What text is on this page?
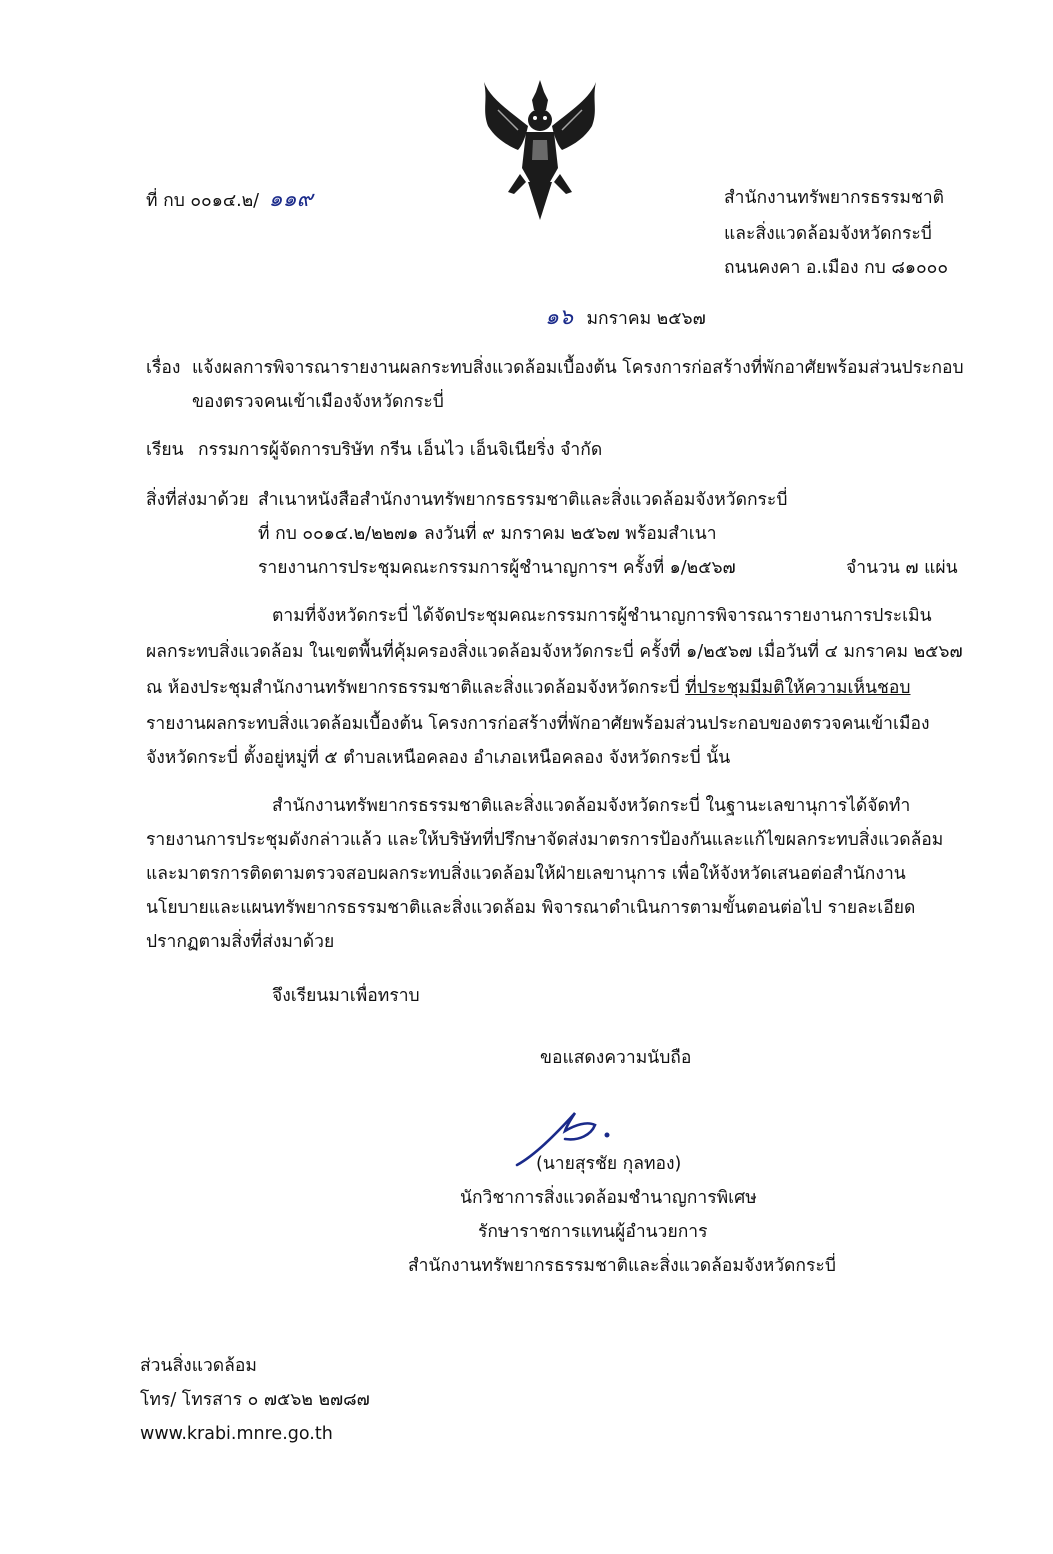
ที่ กบ ๐๐๑๔.๒/ ๑๑๙	สำนักงานทรัพยากรธรรมชาติ
และสิ่งแวดล้อมจังหวัดกระบี่
ถนนคงคา อ.เมือง กบ ๘๑๐๐๐
๑๖ มกราคม ๒๕๖๗
เรื่อง แจ้งผลการพิจารณารายงานผลกระทบสิ่งแวดล้อมเบื้องต้น โครงการก่อสร้างที่พักอาศัยพร้อมส่วนประกอบ
ของตรวจคนเข้าเมืองจังหวัดกระบี่
เรียน กรรมการผู้จัดการบริษัท กรีน เอ็นไว เอ็นจิเนียริ่ง จำกัด
สิ่งที่ส่งมาด้วย สำเนาหนังสือสำนักงานทรัพยากรธรรมชาติและสิ่งแวดล้อมจังหวัดกระบี่
ที่ กบ ๐๐๑๔.๒/๒๒๗๑ ลงวันที่ ๙ มกราคม ๒๕๖๗ พร้อมสำเนา
รายงานการประชุมคณะกรรมการผู้ชำนาญการฯ ครั้งที่ ๑/๒๕๖๗	จำนวน ๗ แผ่น
ตามที่จังหวัดกระบี่ ได้จัดประชุมคณะกรรมการผู้ชำนาญการพิจารณารายงานการประเมิน
ผลกระทบสิ่งแวดล้อม ในเขตพื้นที่คุ้มครองสิ่งแวดล้อมจังหวัดกระบี่ ครั้งที่ ๑/๒๕๖๗ เมื่อวันที่ ๔ มกราคม ๒๕๖๗
ณ ห้องประชุมสำนักงานทรัพยากรธรรมชาติและสิ่งแวดล้อมจังหวัดกระบี่ ที่ประชุมมีมติให้ความเห็นชอบ
รายงานผลกระทบสิ่งแวดล้อมเบื้องต้น โครงการก่อสร้างที่พักอาศัยพร้อมส่วนประกอบของตรวจคนเข้าเมือง
จังหวัดกระบี่ ตั้งอยู่หมู่ที่ ๕ ตำบลเหนือคลอง อำเภอเหนือคลอง จังหวัดกระบี่ นั้น
สำนักงานทรัพยากรธรรมชาติและสิ่งแวดล้อมจังหวัดกระบี่ ในฐานะเลขานุการได้จัดทำ
รายงานการประชุมดังกล่าวแล้ว และให้บริษัทที่ปรึกษาจัดส่งมาตรการป้องกันและแก้ไขผลกระทบสิ่งแวดล้อม
และมาตรการติดตามตรวจสอบผลกระทบสิ่งแวดล้อมให้ฝ่ายเลขานุการ เพื่อให้จังหวัดเสนอต่อสำนักงาน
นโยบายและแผนทรัพยากรธรรมชาติและสิ่งแวดล้อม พิจารณาดำเนินการตามขั้นตอนต่อไป รายละเอียด
ปรากฏตามสิ่งที่ส่งมาด้วย
จึงเรียนมาเพื่อทราบ
ขอแสดงความนับถือ
(นายสุรชัย กุลทอง)
นักวิชาการสิ่งแวดล้อมชำนาญการพิเศษ
รักษาราชการแทนผู้อำนวยการ
สำนักงานทรัพยากรธรรมชาติและสิ่งแวดล้อมจังหวัดกระบี่
ส่วนสิ่งแวดล้อม
โทร/ โทรสาร ๐ ๗๕๖๒ ๒๗๘๗
www.krabi.mnre.go.th
